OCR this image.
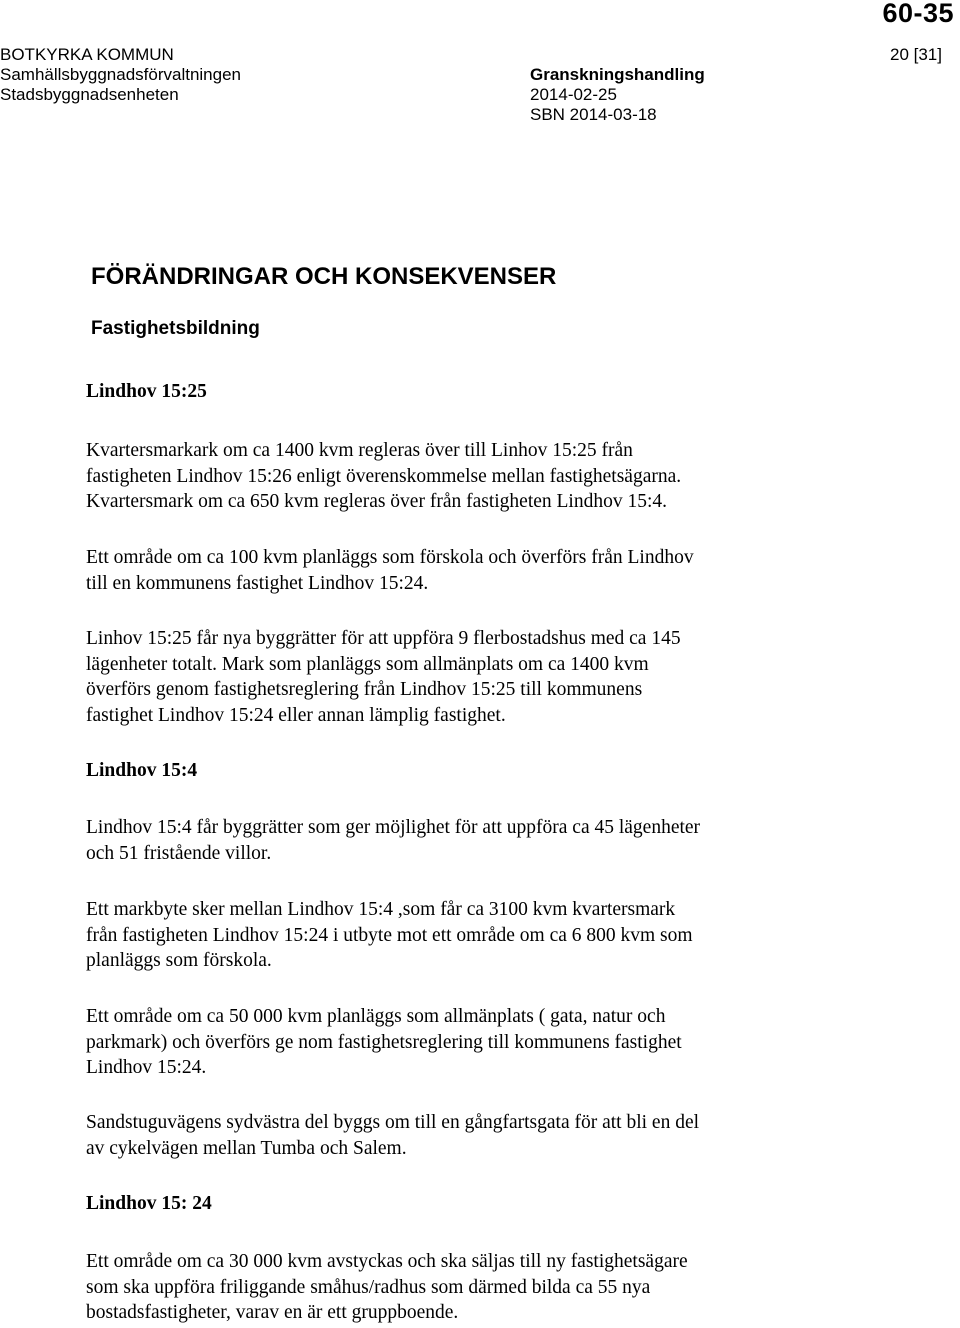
60-35
20 [31]
BOTKYRKA KOMMUN
Samhällsbyggnadsförvaltningen
Stadsbyggnadsenheten
Granskningshandling
2014-02-25
SBN 2014-03-18
FÖRÄNDRINGAR OCH KONSEKVENSER
Fastighetsbildning
Lindhov 15:25
Kvartersmarkark om ca 1400 kvm regleras över till Linhov 15:25 från
fastigheten Lindhov 15:26 enligt överenskommelse mellan fastighetsägarna.
Kvartersmark om ca 650 kvm regleras över från fastigheten Lindhov 15:4.
Ett område om ca 100 kvm planläggs som förskola och överförs från Lindhov
till en kommunens fastighet Lindhov 15:24.
Linhov 15:25 får nya byggrätter för att uppföra 9 flerbostadshus med ca 145
lägenheter totalt. Mark som planläggs som allmänplats om ca 1400 kvm
överförs genom fastighetsreglering från Lindhov 15:25 till kommunens
fastighet Lindhov 15:24 eller annan lämplig fastighet.
Lindhov 15:4
Lindhov 15:4 får byggrätter som ger möjlighet för att uppföra ca 45 lägenheter
och 51 fristående villor.
Ett markbyte sker mellan Lindhov 15:4 ,som får ca 3100 kvm kvartersmark
från fastigheten Lindhov 15:24 i utbyte mot ett område om ca 6 800 kvm som
planläggs som förskola.
Ett område om ca 50 000 kvm planläggs som allmänplats ( gata, natur och
parkmark) och överförs ge nom fastighetsreglering till kommunens fastighet
Lindhov 15:24.
Sandstuguvägens sydvästra del byggs om till en gångfartsgata för att bli en del
av cykelvägen mellan Tumba och Salem.
Lindhov 15: 24
Ett område om ca 30 000 kvm avstyckas och ska säljas till ny fastighetsägare
som ska uppföra friliggande småhus/radhus som därmed bilda ca 55 nya
bostadsfastigheter, varav en är ett gruppboende.
